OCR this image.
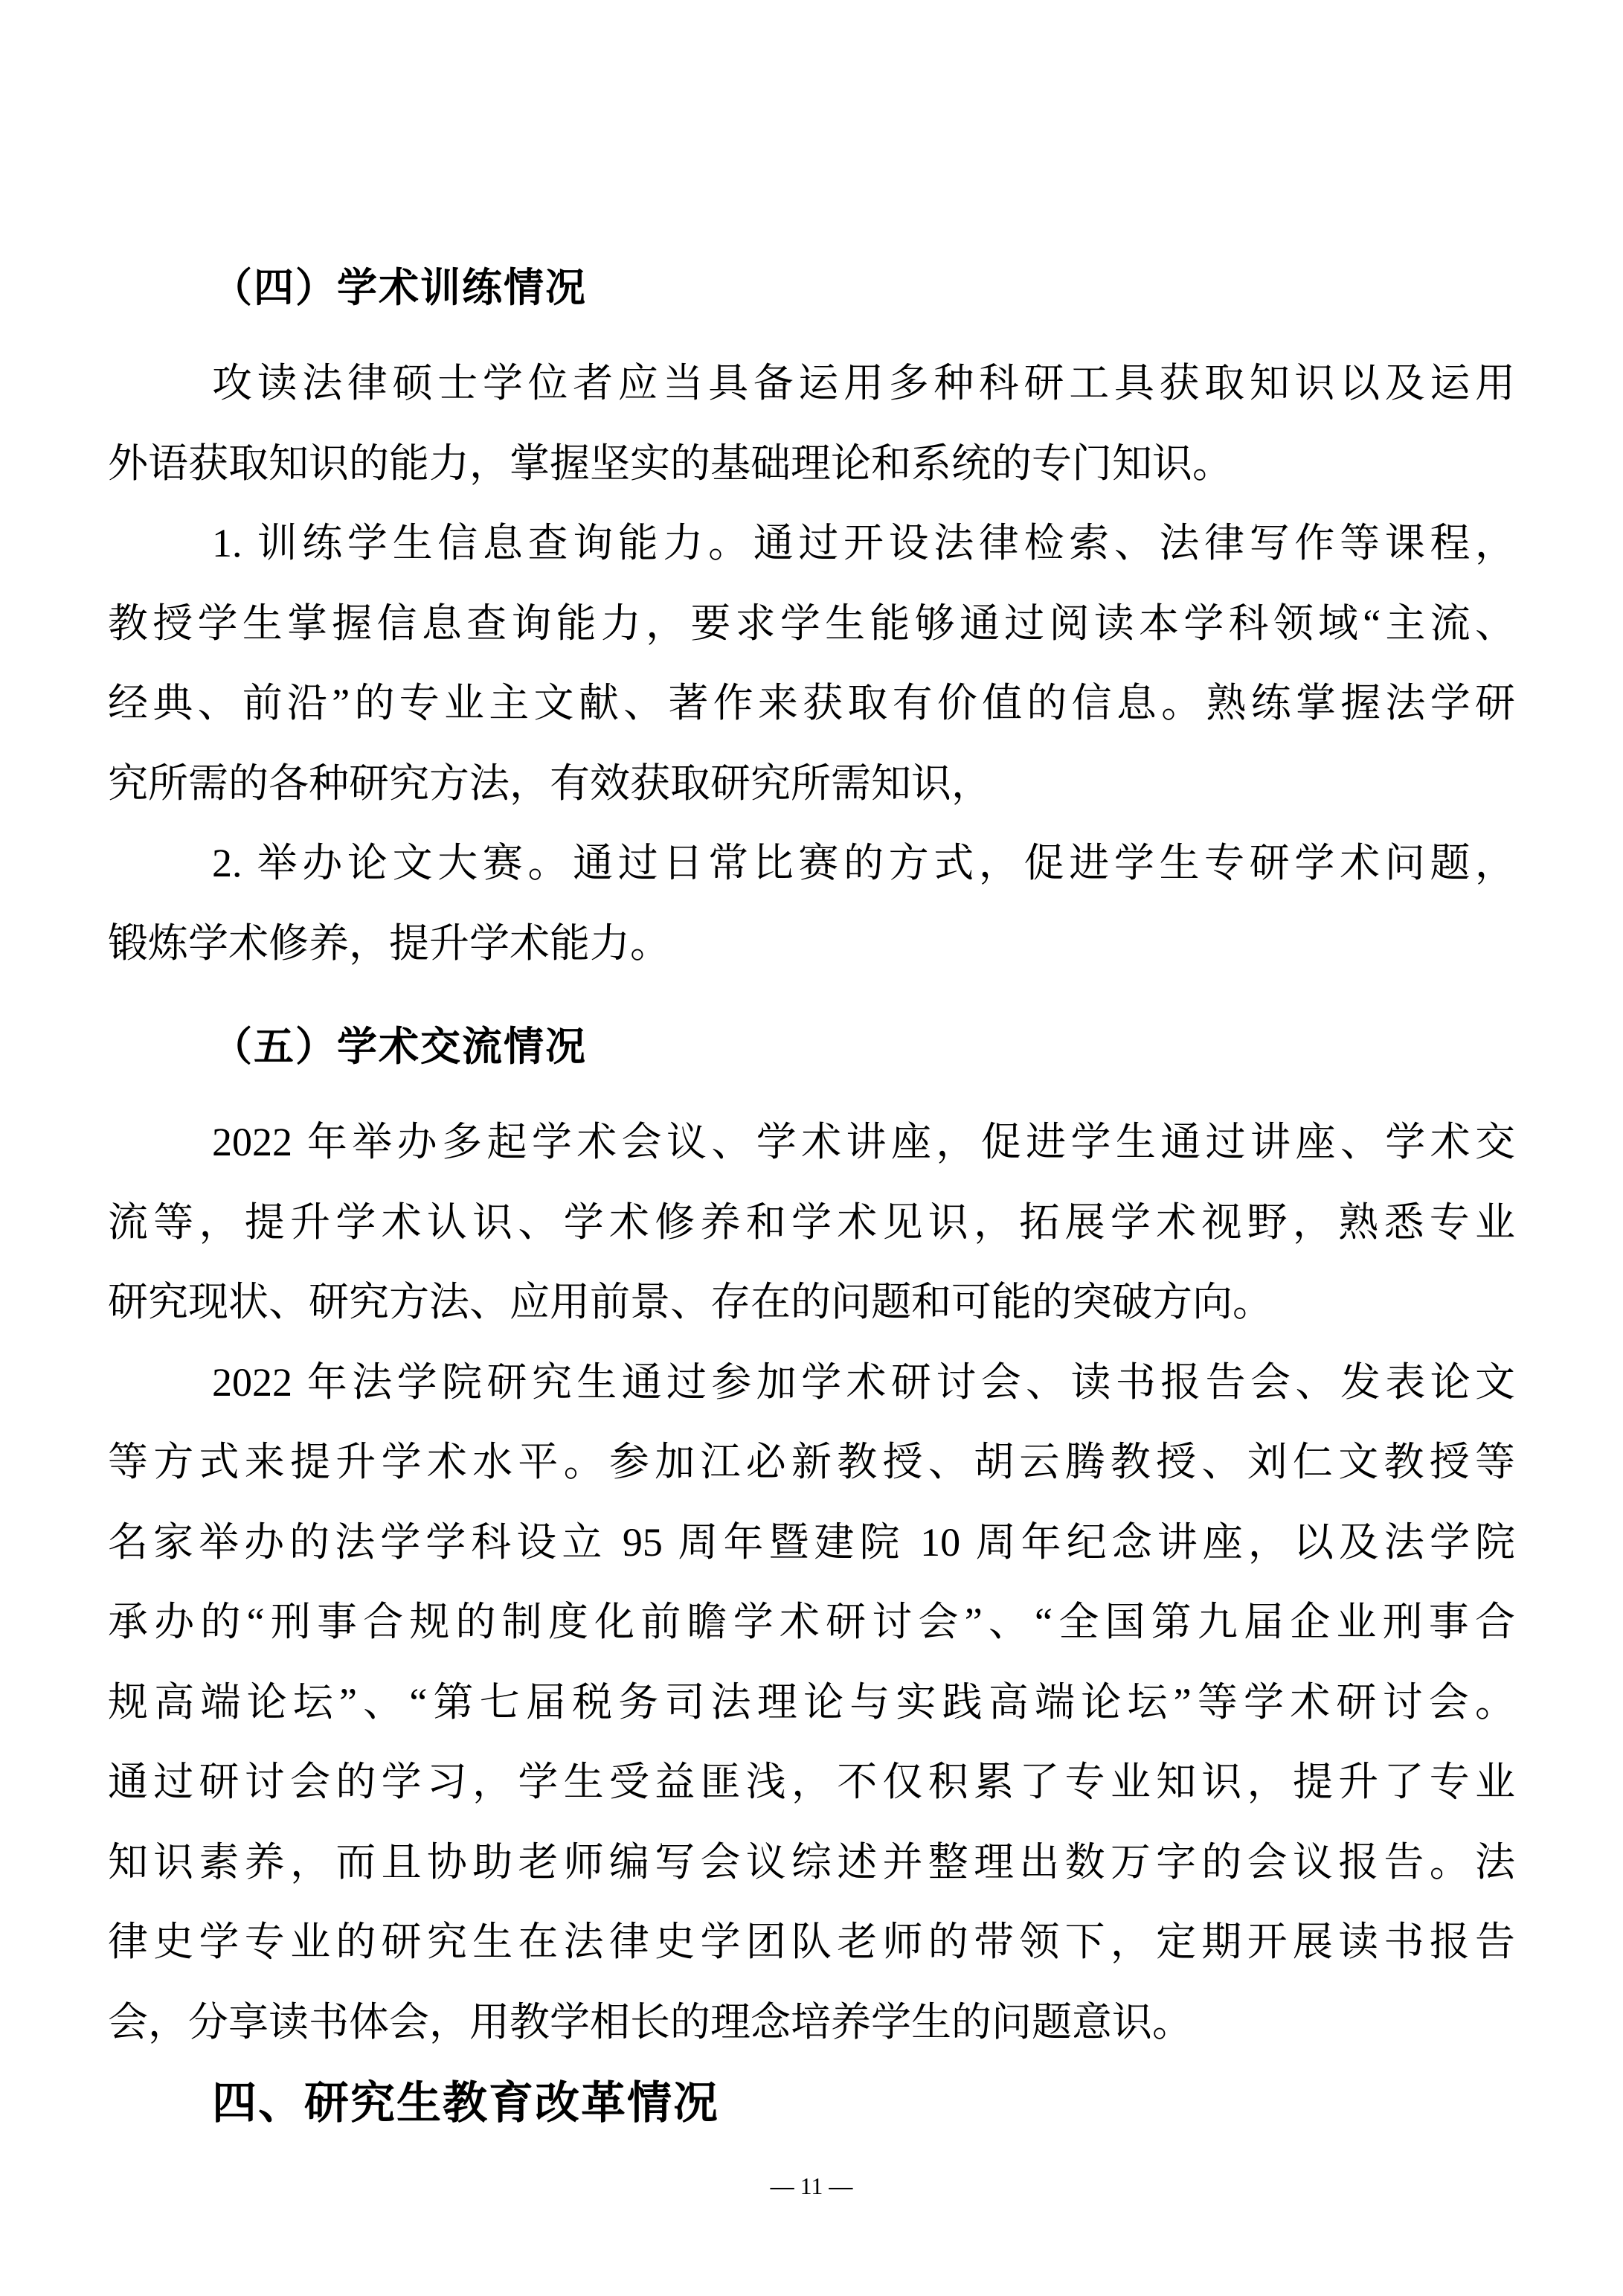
（四）学术训练情况
攻读法律硕士学位者应当具备运用多种科研工具获取知识以及运用
外语获取知识的能力，掌握坚实的基础理论和系统的专门知识。
1. 训练学生信息查询能力。通过开设法律检索、法律写作等课程，
教授学生掌握信息查询能力，要求学生能够通过阅读本学科领域“主流、
经典、前沿”的专业主文献、著作来获取有价值的信息。熟练掌握法学研
究所需的各种研究方法，有效获取研究所需知识，
2. 举办论文大赛。通过日常比赛的方式，促进学生专研学术问题，
锻炼学术修养，提升学术能力。
（五）学术交流情况
2022 年举办多起学术会议、学术讲座，促进学生通过讲座、学术交
流等，提升学术认识、学术修养和学术见识，拓展学术视野，熟悉专业
研究现状、研究方法、应用前景、存在的问题和可能的突破方向。
2022 年法学院研究生通过参加学术研讨会、读书报告会、发表论文
等方式来提升学术水平。参加江必新教授、胡云腾教授、刘仁文教授等
名家举办的法学学科设立 95 周年暨建院 10 周年纪念讲座，以及法学院
承办的“刑事合规的制度化前瞻学术研讨会”、“全国第九届企业刑事合
规高端论坛”、“第七届税务司法理论与实践高端论坛”等学术研讨会。
通过研讨会的学习，学生受益匪浅，不仅积累了专业知识，提升了专业
知识素养，而且协助老师编写会议综述并整理出数万字的会议报告。法
律史学专业的研究生在法律史学团队老师的带领下，定期开展读书报告
会，分享读书体会，用教学相长的理念培养学生的问题意识。
四、研究生教育改革情况
— 11 —
